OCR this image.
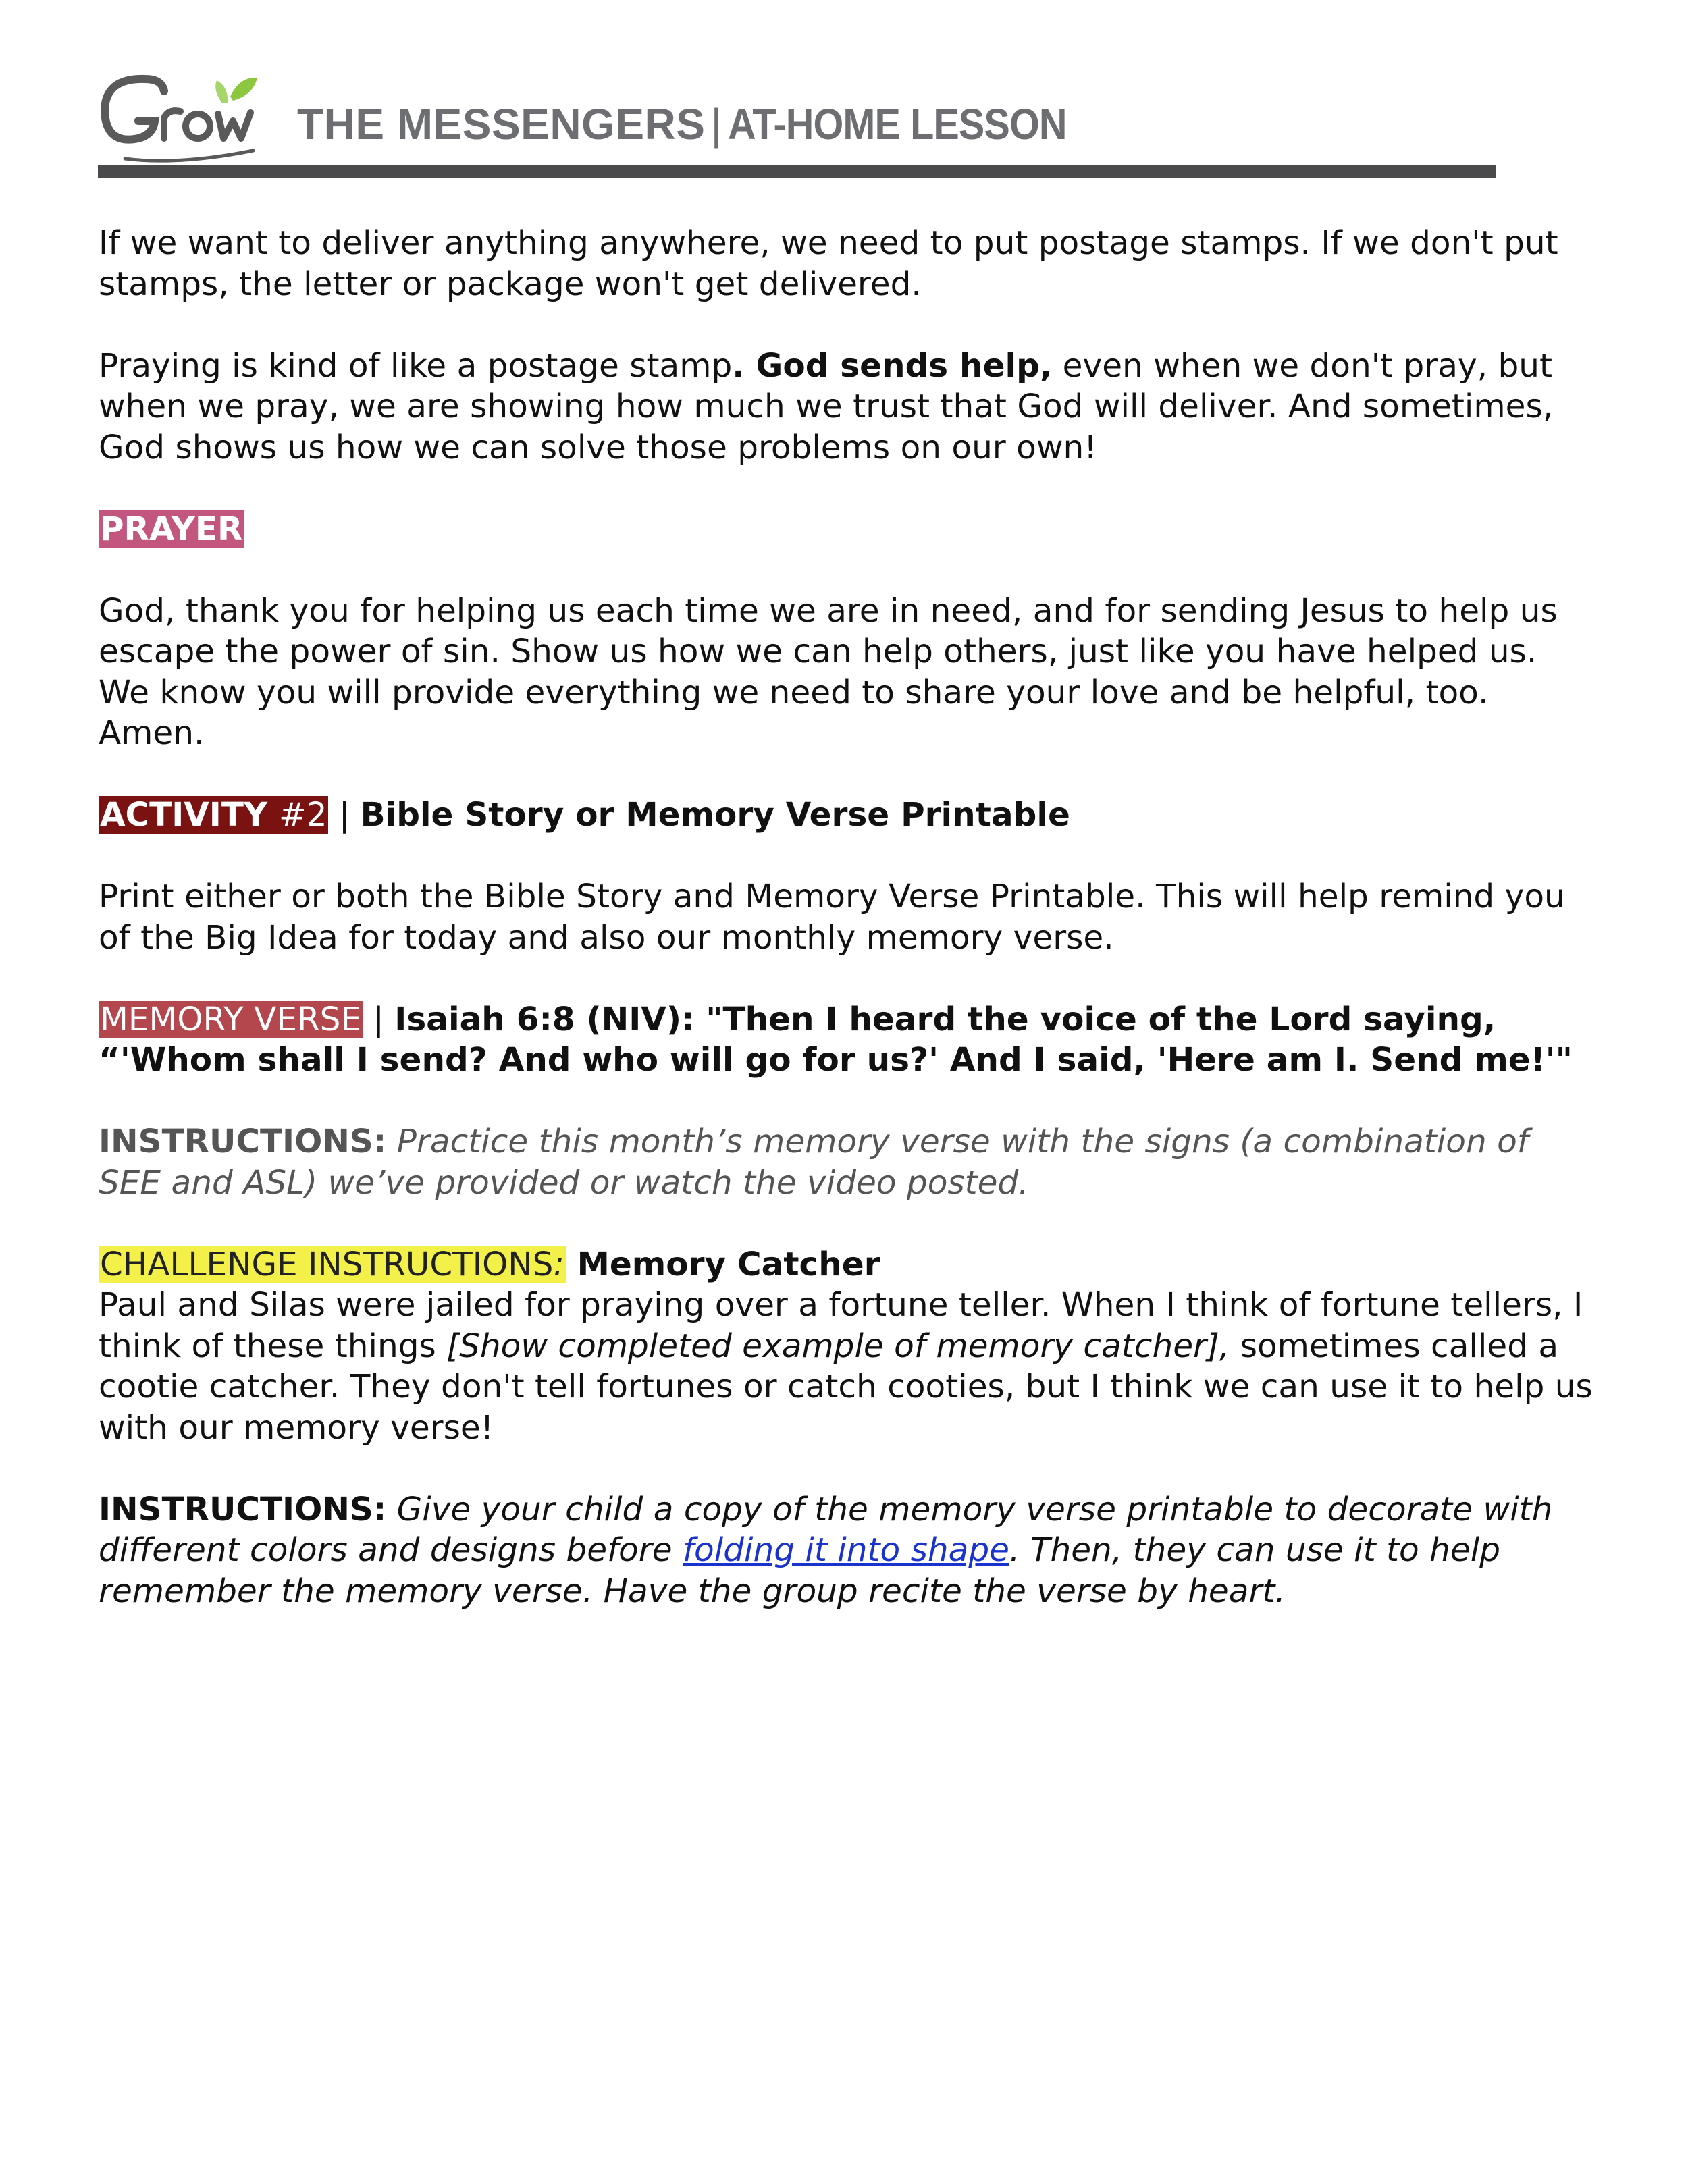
Grow
THE MESSENGERS | AT-HOME LESSON

If we want to deliver anything anywhere, we need to put postage stamps. If we don't put stamps, the letter or package won't get delivered.

Praying is kind of like a postage stamp. God sends help, even when we don't pray, but when we pray, we are showing how much we trust that God will deliver. And sometimes, God shows us how we can solve those problems on our own!

PRAYER

God, thank you for helping us each time we are in need, and for sending Jesus to help us escape the power of sin. Show us how we can help others, just like you have helped us. We know you will provide everything we need to share your love and be helpful, too. Amen.

ACTIVITY #2 | Bible Story or Memory Verse Printable

Print either or both the Bible Story and Memory Verse Printable. This will help remind you of the Big Idea for today and also our monthly memory verse.

MEMORY VERSE | Isaiah 6:8 (NIV): "Then I heard the voice of the Lord saying, “'Whom shall I send? And who will go for us?' And I said, 'Here am I. Send me!'"

INSTRUCTIONS: Practice this month’s memory verse with the signs (a combination of SEE and ASL) we’ve provided or watch the video posted.

CHALLENGE INSTRUCTIONS: Memory Catcher

Paul and Silas were jailed for praying over a fortune teller. When I think of fortune tellers, I think of these things [Show completed example of memory catcher], sometimes called a cootie catcher. They don't tell fortunes or catch cooties, but I think we can use it to help us with our memory verse!

INSTRUCTIONS: Give your child a copy of the memory verse printable to decorate with different colors and designs before folding it into shape. Then, they can use it to help remember the memory verse. Have the group recite the verse by heart.
